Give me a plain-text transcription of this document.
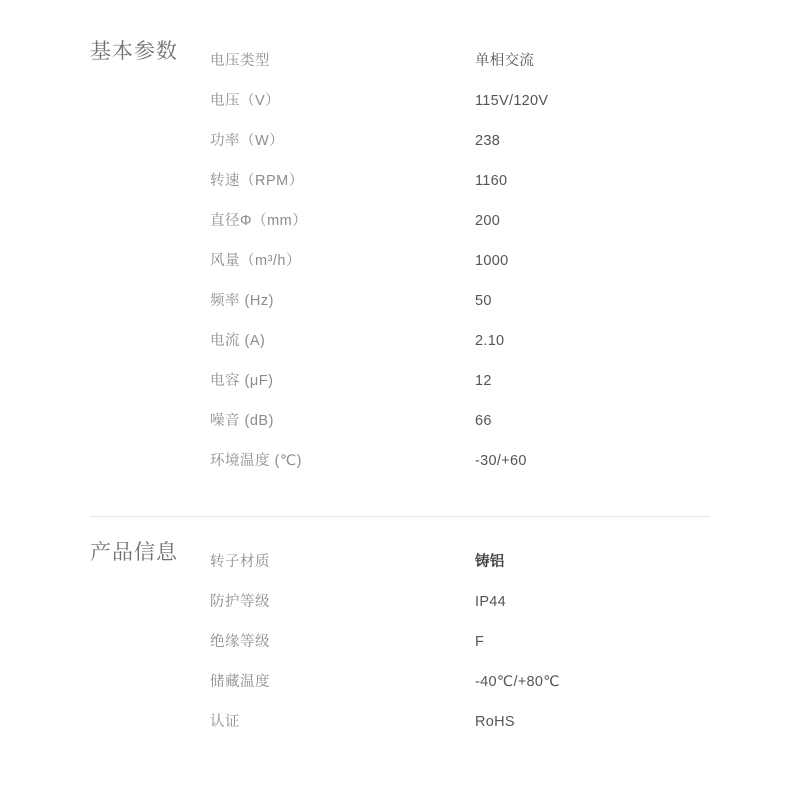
基本参数	电压类型	单相交流
电压（V）	115V/120V
功率（W）	238
转速（RPM）	1160
直径Φ（mm）	200
风量（m³/h）	1000
频率 (Hz)	50
电流 (A)	2.10
电容 (μF)	12
噪音 (dB)	66
环境温度 (℃)	-30/+60
产品信息	转子材质	铸铝
防护等级	IP44
绝缘等级	F
储藏温度	-40℃/+80℃
认证	RoHS
